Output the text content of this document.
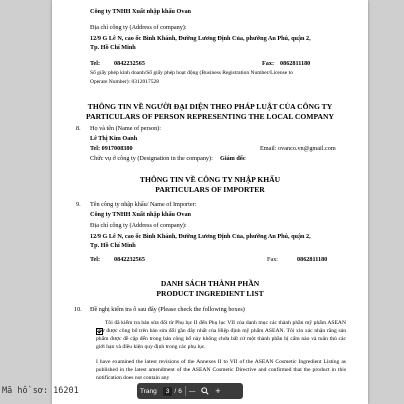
Công ty TNHH Xuất nhập khẩu Ovan
Địa chỉ công ty (Address of company):
12/9 G Lê N, cao ốc Bình Khánh, Đường Lương Định Của, phường An Phú, quận 2,
Tp. Hồ Chí Minh
Tel: 0842232565	Fax: 0862811180
Số giấy phép kinh doanh/Số giấy phép hoạt động (Business Registration Number/License to
Operate Number): 0312017528
THÔNG TIN VỀ NGƯỜI ĐẠI DIỆN THEO PHÁP LUẬT CỦA CÔNG TY
PARTICULARS OF PERSON REPRESENTING THE LOCAL COMPANY
8. Họ và tên (Name of person):
Lê Thị Kim Oanh
Tel: 0917008380	Email: ovanco.vn@gmail.com
Chức vụ ở công ty (Designation in the company): Giám đốc
THÔNG TIN VỀ CÔNG TY NHẬP KHẨU
PARTICULARS OF IMPORTER
9. Tên công ty nhập khẩu/ Name of Importer:
Công ty TNHH Xuất nhập khẩu Ovan
Địa chỉ công ty (Address of company):
12/9 G Lê N, cao ốc Bình Khánh, Đường Lương Định Của, phường An Phú, quận 2,
Tp. Hồ Chí Minh
Tel: 0842232565	Fax:	0862811180
DANH SÁCH THÀNH PHẦN
PRODUCT INGREDIENT LIST
10. Đề nghị kiểm tra ô sau đây (Please check the following boxes)
Tôi đã kiểm tra bản sửa đổi từ Phụ lục II đến Phụ lục VII của danh mục các thành phần mỹ phẩm ASEAN như được công bố trên bản sửa đổi gần đây nhất của Hiệp định mỹ phẩm ASEAN. Tôi xin xác nhận rằng sản phẩm được đề cập đến trong bản công bố này không chứa bất cứ một thành phần bị cấm nào và tuân thủ các giới hạn và điều kiện quy định trong các phụ lục.
I have examined the latest revisions of the Annexes II to VII of the ASEAN Cosmetic Ingredient Listing as published in the latest amendment of the ASEAN Cosmetic Directive and confirmed that the product in this notification does not contain any
Mã hồ sơ: 16201	Trang	3 / 6 — +
